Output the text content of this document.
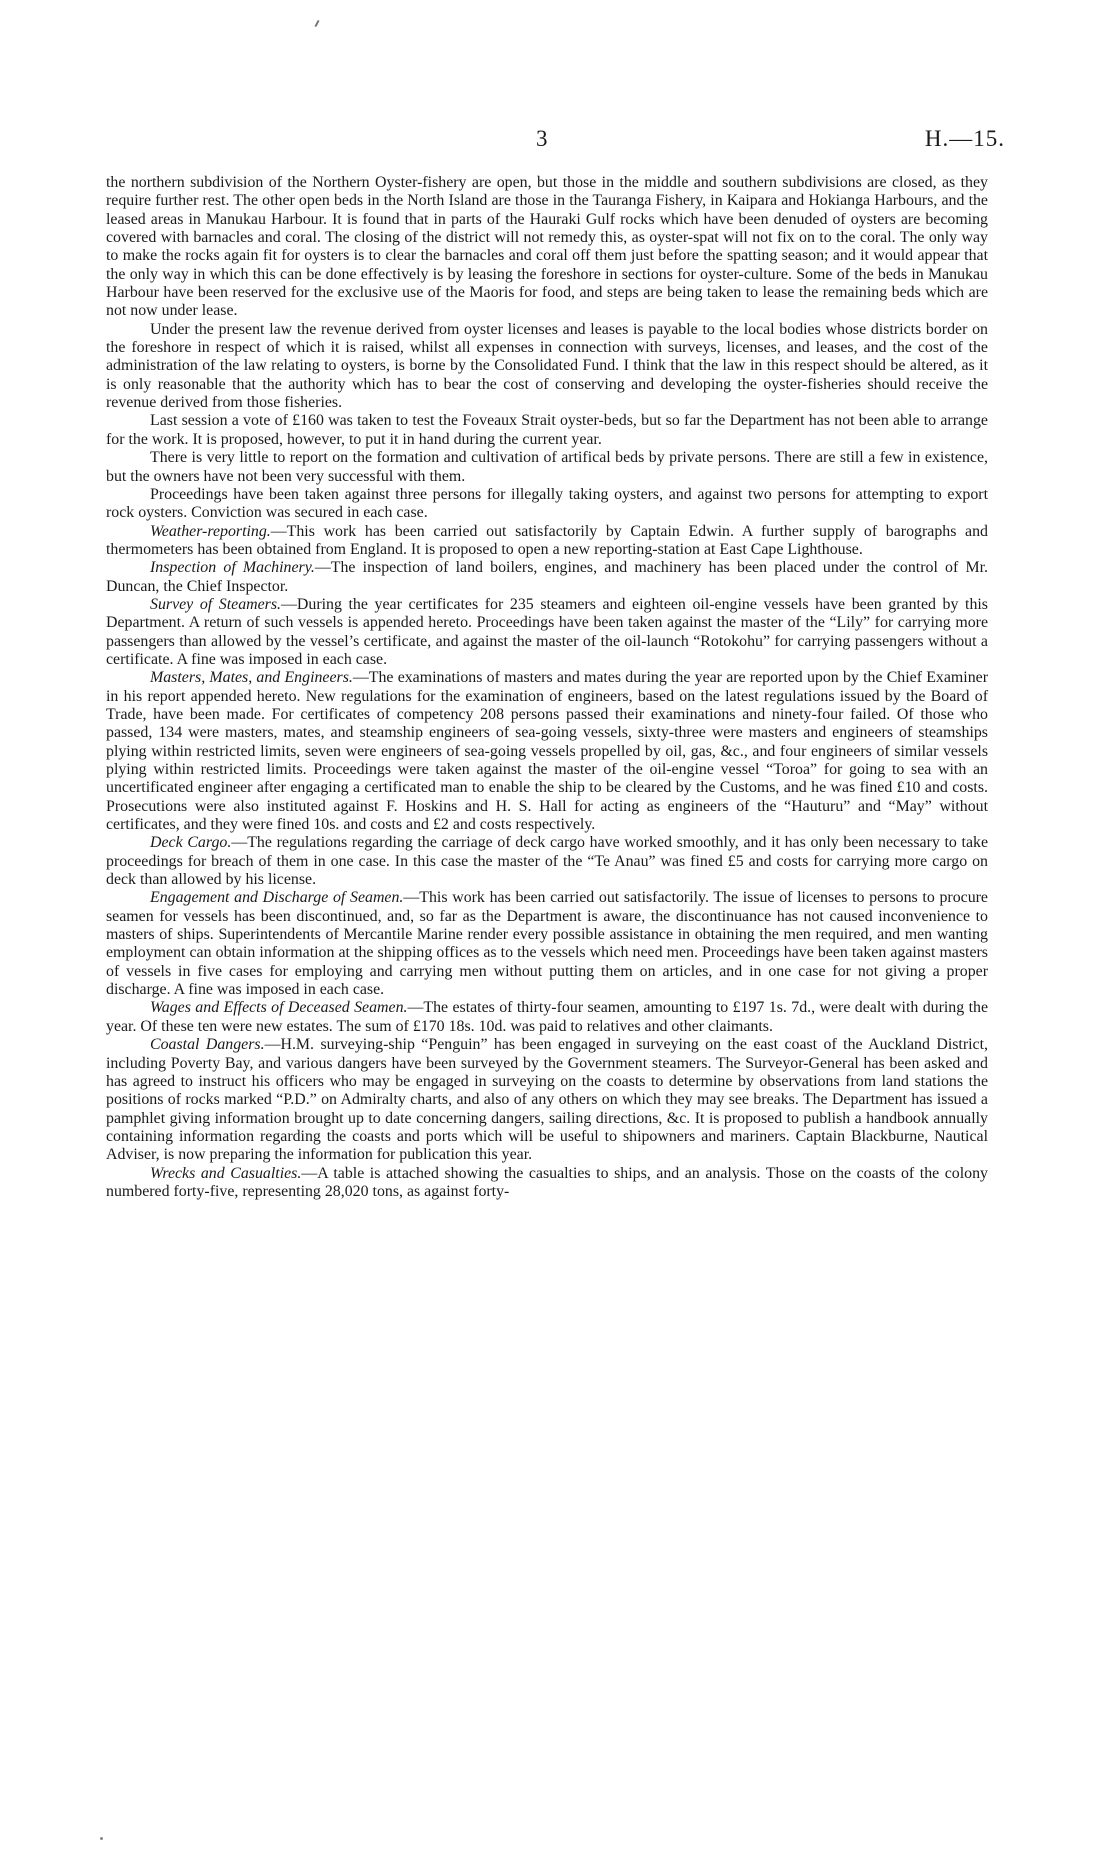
3	H.—15.

the northern subdivision of the Northern Oyster-fishery are open, but those in the middle and southern subdivisions are closed, as they require further rest. The other open beds in the North Island are those in the Tauranga Fishery, in Kaipara and Hokianga Harbours, and the leased areas in Manukau Harbour. It is found that in parts of the Hauraki Gulf rocks which have been denuded of oysters are becoming covered with barnacles and coral. The closing of the district will not remedy this, as oyster-spat will not fix on to the coral. The only way to make the rocks again fit for oysters is to clear the barnacles and coral off them just before the spatting season; and it would appear that the only way in which this can be done effectively is by leasing the foreshore in sections for oyster-culture. Some of the beds in Manukau Harbour have been reserved for the exclusive use of the Maoris for food, and steps are being taken to lease the remaining beds which are not now under lease.

Under the present law the revenue derived from oyster licenses and leases is payable to the local bodies whose districts border on the foreshore in respect of which it is raised, whilst all expenses in connection with surveys, licenses, and leases, and the cost of the administration of the law relating to oysters, is borne by the Consolidated Fund. I think that the law in this respect should be altered, as it is only reasonable that the authority which has to bear the cost of conserving and developing the oyster-fisheries should receive the revenue derived from those fisheries.

Last session a vote of £160 was taken to test the Foveaux Strait oyster-beds, but so far the Department has not been able to arrange for the work. It is proposed, however, to put it in hand during the current year.

There is very little to report on the formation and cultivation of artifical beds by private persons. There are still a few in existence, but the owners have not been very successful with them.

Proceedings have been taken against three persons for illegally taking oysters, and against two persons for attempting to export rock oysters. Conviction was secured in each case.

Weather-reporting.—This work has been carried out satisfactorily by Captain Edwin. A further supply of barographs and thermometers has been obtained from England. It is proposed to open a new reporting-station at East Cape Lighthouse.

Inspection of Machinery.—The inspection of land boilers, engines, and machinery has been placed under the control of Mr. Duncan, the Chief Inspector.

Survey of Steamers.—During the year certificates for 235 steamers and eighteen oil-engine vessels have been granted by this Department. A return of such vessels is appended hereto. Proceedings have been taken against the master of the “Lily” for carrying more passengers than allowed by the vessel’s certificate, and against the master of the oil-launch “Rotokohu” for carrying passengers without a certificate. A fine was imposed in each case.

Masters, Mates, and Engineers.—The examinations of masters and mates during the year are reported upon by the Chief Examiner in his report appended hereto. New regulations for the examination of engineers, based on the latest regulations issued by the Board of Trade, have been made. For certificates of competency 208 persons passed their examinations and ninety-four failed. Of those who passed, 134 were masters, mates, and steamship engineers of sea-going vessels, sixty-three were masters and engineers of steamships plying within restricted limits, seven were engineers of sea-going vessels propelled by oil, gas, &c., and four engineers of similar vessels plying within restricted limits. Proceedings were taken against the master of the oil-engine vessel “Toroa” for going to sea with an uncertificated engineer after engaging a certificated man to enable the ship to be cleared by the Customs, and he was fined £10 and costs. Prosecutions were also instituted against F. Hoskins and H. S. Hall for acting as engineers of the “Hauturu” and “May” without certificates, and they were fined 10s. and costs and £2 and costs respectively.

Deck Cargo.—The regulations regarding the carriage of deck cargo have worked smoothly, and it has only been necessary to take proceedings for breach of them in one case. In this case the master of the “Te Anau” was fined £5 and costs for carrying more cargo on deck than allowed by his license.

Engagement and Discharge of Seamen.—This work has been carried out satisfactorily. The issue of licenses to persons to procure seamen for vessels has been discontinued, and, so far as the Department is aware, the discontinuance has not caused inconvenience to masters of ships. Superintendents of Mercantile Marine render every possible assistance in obtaining the men required, and men wanting employment can obtain information at the shipping offices as to the vessels which need men. Proceedings have been taken against masters of vessels in five cases for employing and carrying men without putting them on articles, and in one case for not giving a proper discharge. A fine was imposed in each case.

Wages and Effects of Deceased Seamen.—The estates of thirty-four seamen, amounting to £197 1s. 7d., were dealt with during the year. Of these ten were new estates. The sum of £170 18s. 10d. was paid to relatives and other claimants.

Coastal Dangers.—H.M. surveying-ship “Penguin” has been engaged in surveying on the east coast of the Auckland District, including Poverty Bay, and various dangers have been surveyed by the Government steamers. The Surveyor-General has been asked and has agreed to instruct his officers who may be engaged in surveying on the coasts to determine by observations from land stations the positions of rocks marked “P.D.” on Admiralty charts, and also of any others on which they may see breaks. The Department has issued a pamphlet giving information brought up to date concerning dangers, sailing directions, &c. It is proposed to publish a handbook annually containing information regarding the coasts and ports which will be useful to shipowners and mariners. Captain Blackburne, Nautical Adviser, is now preparing the information for publication this year.

Wrecks and Casualties.—A table is attached showing the casualties to ships, and an analysis. Those on the coasts of the colony numbered forty-five, representing 28,020 tons, as against forty-
